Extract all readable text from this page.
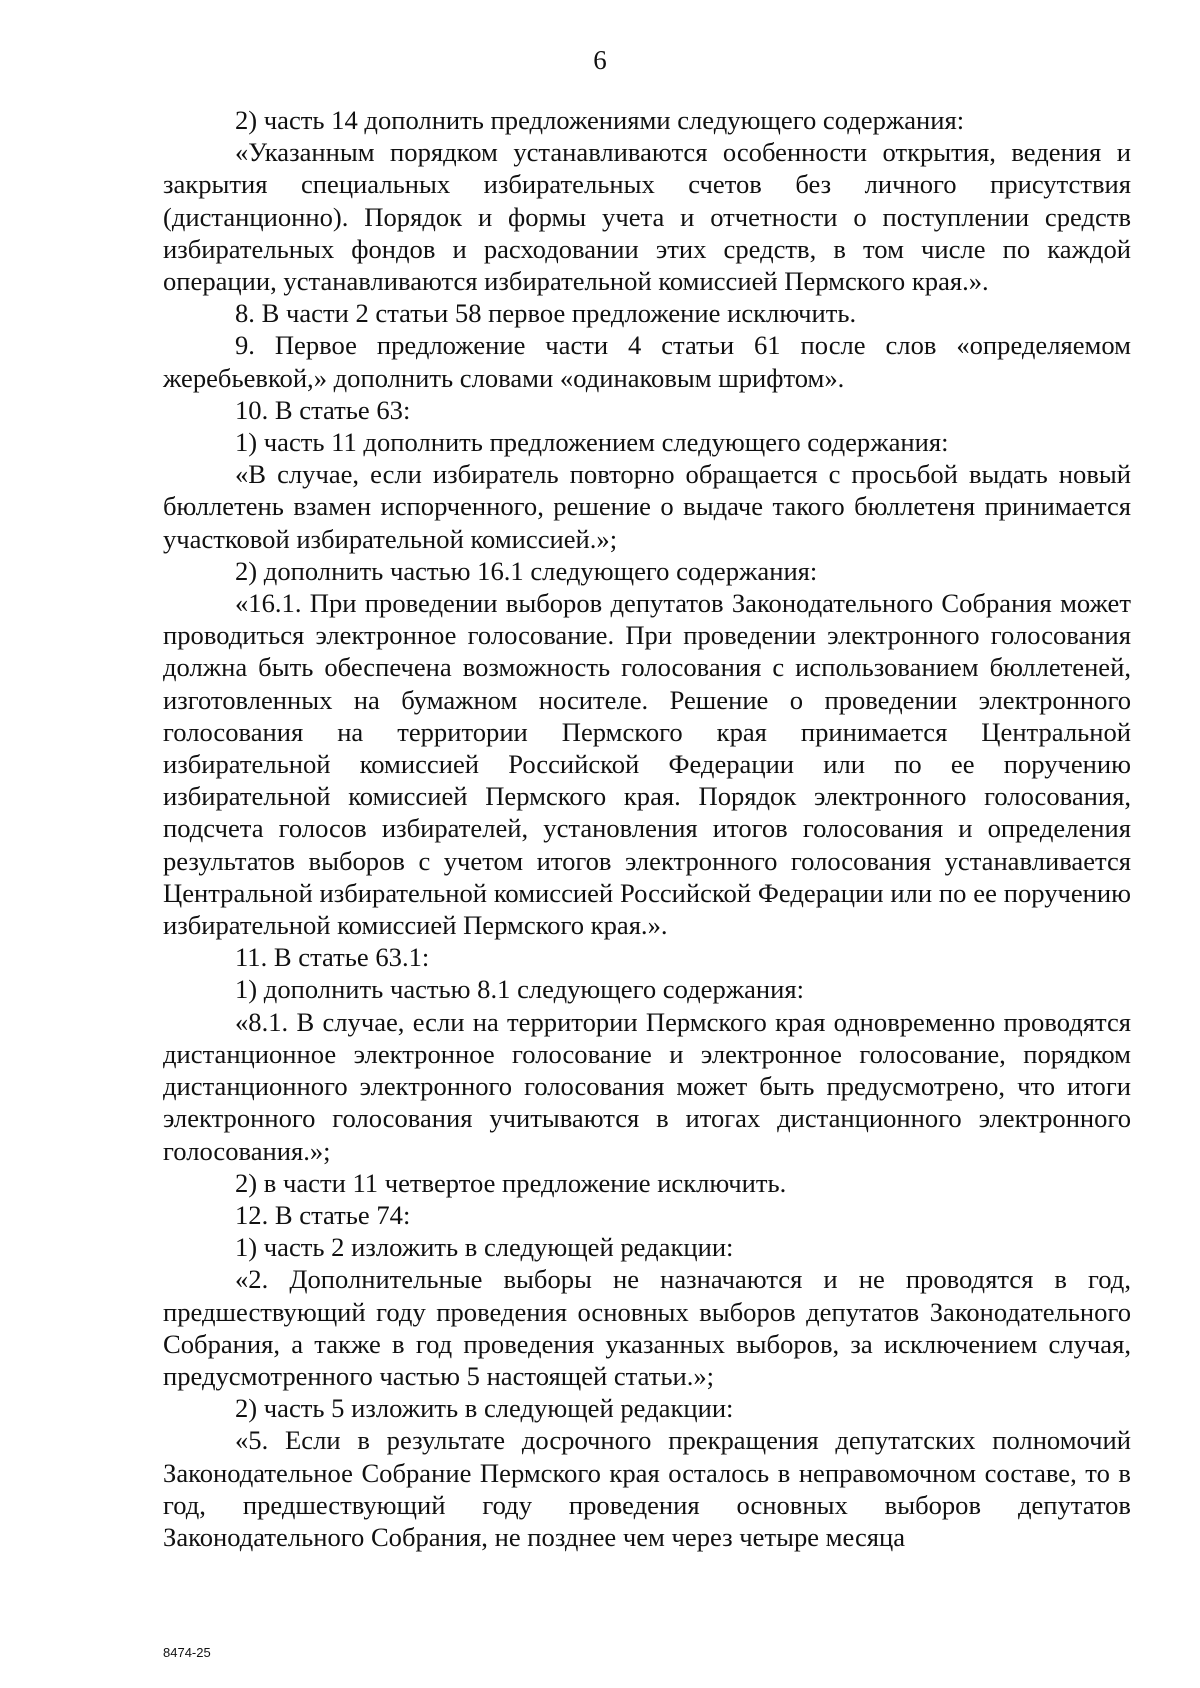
6

2) часть 14 дополнить предложениями следующего содержания:

«Указанным порядком устанавливаются особенности открытия, ведения и закрытия специальных избирательных счетов без личного присутствия (дистанционно). Порядок и формы учета и отчетности о поступлении средств избирательных фондов и расходовании этих средств, в том числе по каждой операции, устанавливаются избирательной комиссией Пермского края.».

8. В части 2 статьи 58 первое предложение исключить.

9. Первое предложение части 4 статьи 61 после слов «определяемом жеребьевкой,» дополнить словами «одинаковым шрифтом».

10. В статье 63:

1) часть 11 дополнить предложением следующего содержания:

«В случае, если избиратель повторно обращается с просьбой выдать новый бюллетень взамен испорченного, решение о выдаче такого бюллетеня принимается участковой избирательной комиссией.»;

2) дополнить частью 16.1 следующего содержания:

«16.1. При проведении выборов депутатов Законодательного Собрания может проводиться электронное голосование. При проведении электронного голосования должна быть обеспечена возможность голосования с использованием бюллетеней, изготовленных на бумажном носителе. Решение о проведении электронного голосования на территории Пермского края принимается Центральной избирательной комиссией Российской Федерации или по ее поручению избирательной комиссией Пермского края. Порядок электронного голосования, подсчета голосов избирателей, установления итогов голосования и определения результатов выборов с учетом итогов электронного голосования устанавливается Центральной избирательной комиссией Российской Федерации или по ее поручению избирательной комиссией Пермского края.».

11. В статье 63.1:

1) дополнить частью 8.1 следующего содержания:

«8.1. В случае, если на территории Пермского края одновременно проводятся дистанционное электронное голосование и электронное голосование, порядком дистанционного электронного голосования может быть предусмотрено, что итоги электронного голосования учитываются в итогах дистанционного электронного голосования.»;

2) в части 11 четвертое предложение исключить.

12. В статье 74:

1) часть 2 изложить в следующей редакции:

«2. Дополнительные выборы не назначаются и не проводятся в год, предшествующий году проведения основных выборов депутатов Законодательного Собрания, а также в год проведения указанных выборов, за исключением случая, предусмотренного частью 5 настоящей статьи.»;

2) часть 5 изложить в следующей редакции:

«5. Если в результате досрочного прекращения депутатских полномочий Законодательное Собрание Пермского края осталось в неправомочном составе, то в год, предшествующий году проведения основных выборов депутатов Законодательного Собрания, не позднее чем через четыре месяца

8474-25
